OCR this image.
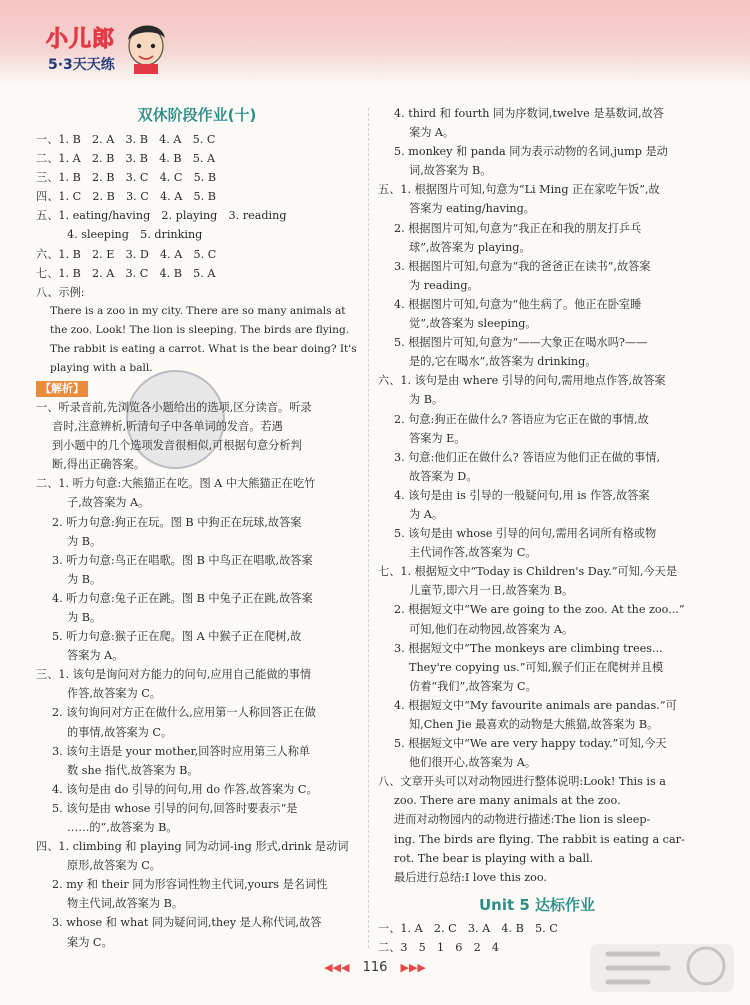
小儿郎
5·3天天练
双休阶段作业(十)
一、1. B　2. A　3. B　4. A　5. C
二、1. A　2. B　3. B　4. B　5. A
三、1. B　2. B　3. C　4. C　5. B
四、1. C　2. B　3. C　4. A　5. B
五、1. eating/having　2. playing　3. reading
4. sleeping　5. drinking
六、1. B　2. E　3. D　4. A　5. C
七、1. B　2. A　3. C　4. B　5. A
八、示例:
There is a zoo in my city. There are so many animals at the zoo. Look! The lion is sleeping. The birds are flying. The rabbit is eating a carrot. What is the bear doing? It's playing with a ball.
【解析】
一、听录音前,先浏览各小题给出的选项,区分读音。听录
音时,注意辨析,听清句子中各单词的发音。若遇
到小题中的几个选项发音很相似,可根据句意分析判
断,得出正确答案。
二、1. 听力句意:大熊猫正在吃。图 A 中大熊猫正在吃竹
子,故答案为 A。
2. 听力句意:狗正在玩。图 B 中狗正在玩球,故答案
为 B。
3. 听力句意:鸟正在唱歌。图 B 中鸟正在唱歌,故答案
为 B。
4. 听力句意:兔子正在跳。图 B 中兔子正在跳,故答案
为 B。
5. 听力句意:猴子正在爬。图 A 中猴子正在爬树,故
答案为 A。
三、1. 该句是询问对方能力的问句,应用自己能做的事情
作答,故答案为 C。
2. 该句询问对方正在做什么,应用第一人称回答正在做
的事情,故答案为 C。
3. 该句主语是 your mother,回答时应用第三人称单
数 she 指代,故答案为 B。
4. 该句是由 do 引导的问句,用 do 作答,故答案为 C。
5. 该句是由 whose 引导的问句,回答时要表示“是
……的”,故答案为 B。
四、1. climbing 和 playing 同为动词-ing 形式,drink 是动词
原形,故答案为 C。
2. my 和 their 同为形容词性物主代词,yours 是名词性
物主代词,故答案为 B。
3. whose 和 what 同为疑问词,they 是人称代词,故答
案为 C。
4. third 和 fourth 同为序数词,twelve 是基数词,故答
案为 A。
5. monkey 和 panda 同为表示动物的名词,jump 是动
词,故答案为 B。
五、1. 根据图片可知,句意为“Li Ming 正在家吃午饭”,故
答案为 eating/having。
2. 根据图片可知,句意为“我正在和我的朋友打乒乓
球”,故答案为 playing。
3. 根据图片可知,句意为“我的爸爸正在读书”,故答案
为 reading。
4. 根据图片可知,句意为“他生病了。他正在卧室睡
觉”,故答案为 sleeping。
5. 根据图片可知,句意为“——大象正在喝水吗?——
是的,它在喝水”,故答案为 drinking。
六、1. 该句是由 where 引导的问句,需用地点作答,故答案
为 B。
2. 句意:狗正在做什么? 答语应为它正在做的事情,故
答案为 E。
3. 句意:他们正在做什么? 答语应为他们正在做的事情,
故答案为 D。
4. 该句是由 is 引导的一般疑问句,用 is 作答,故答案
为 A。
5. 该句是由 whose 引导的问句,需用名词所有格或物
主代词作答,故答案为 C。
七、1. 根据短文中“Today is Children's Day.”可知,今天是
儿童节,即六月一日,故答案为 B。
2. 根据短文中“We are going to the zoo. At the zoo...”
可知,他们在动物园,故答案为 A。
3. 根据短文中“The monkeys are climbing trees...
They're copying us.”可知,猴子们正在爬树并且模
仿着“我们”,故答案为 C。
4. 根据短文中“My favourite animals are pandas.”可
知,Chen Jie 最喜欢的动物是大熊猫,故答案为 B。
5. 根据短文中“We are very happy today.”可知,今天
他们很开心,故答案为 A。
八、文章开头可以对动物园进行整体说明:Look! This is a
zoo. There are many animals at the zoo.
进而对动物园内的动物进行描述:The lion is sleep-
ing. The birds are flying. The rabbit is eating a car-
rot. The bear is playing with a ball.
最后进行总结:I love this zoo.
Unit 5 达标作业
一、1. A　2. C　3. A　4. B　5. C
二、3　5　1　6　2　4
◀◀◀ 116 ▶▶▶
